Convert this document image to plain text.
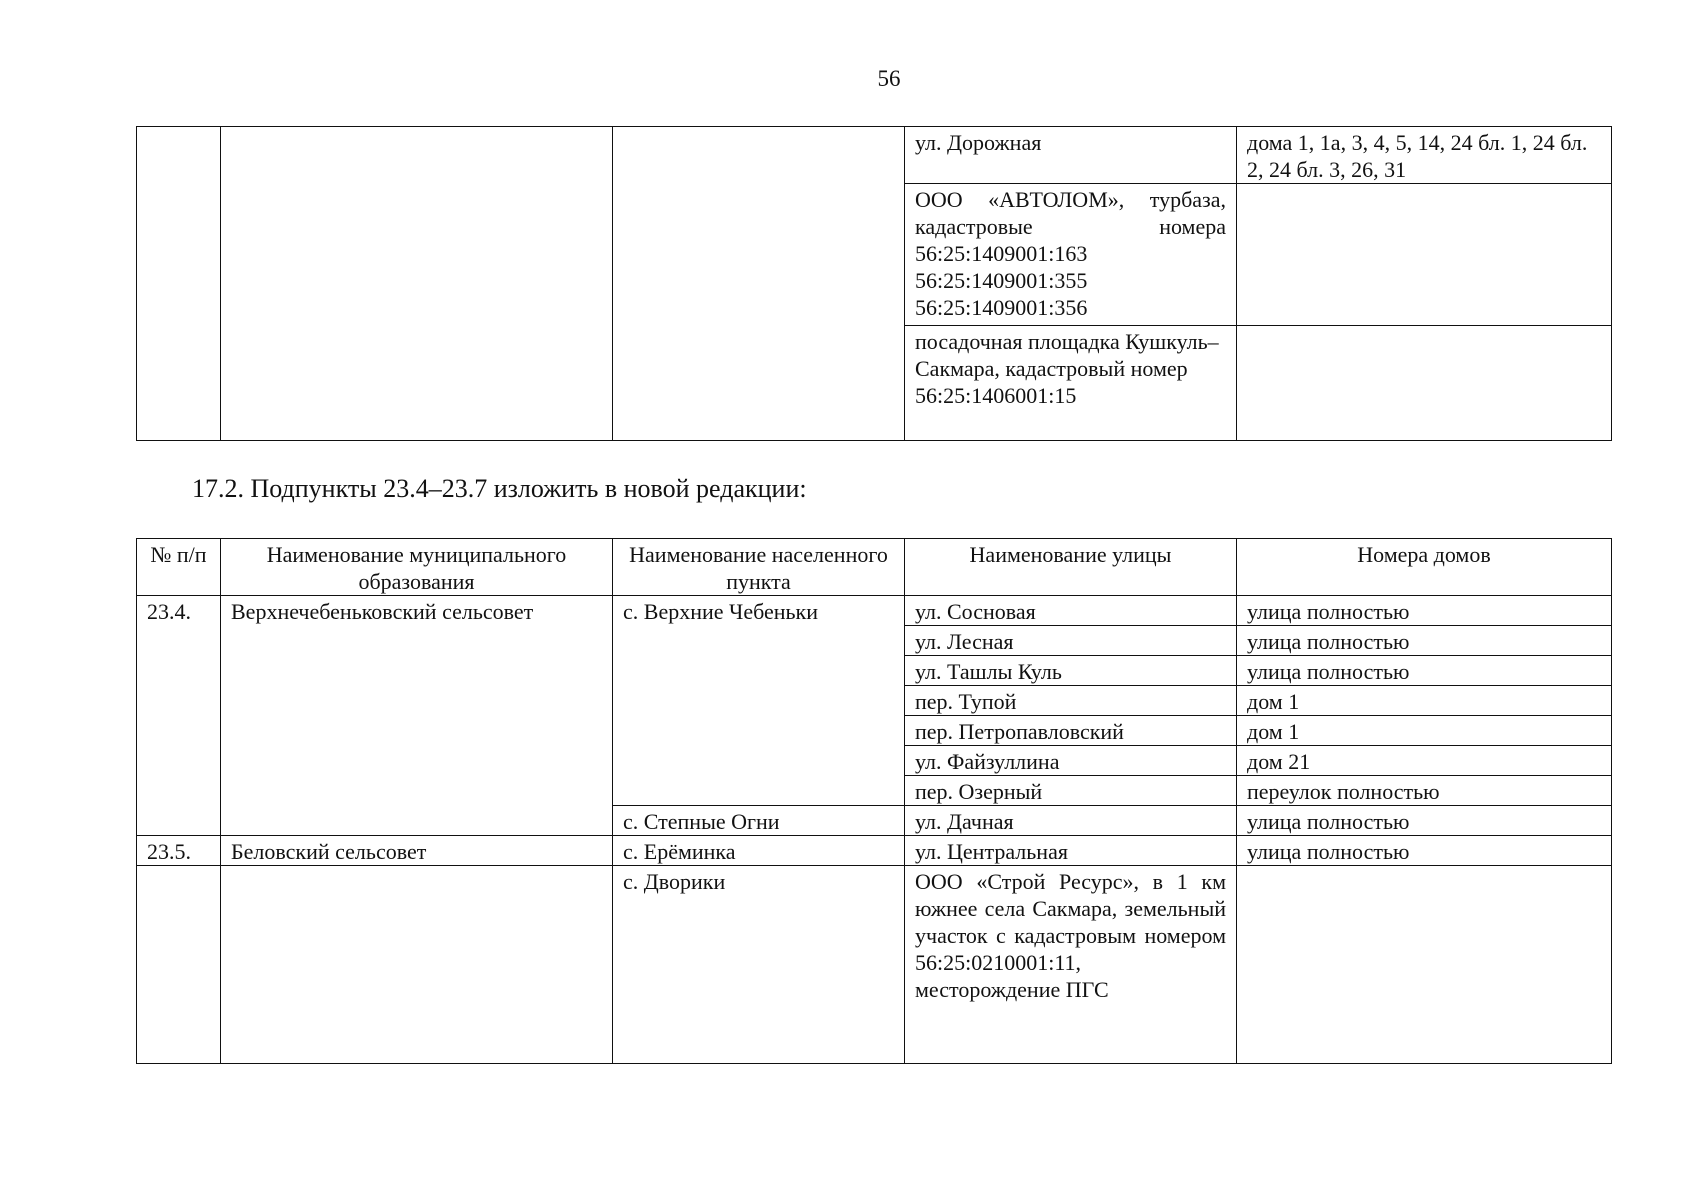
56
			ул. Дорожная	дома 1, 1а, 3, 4, 5, 14, 24 бл. 1, 24 бл. 2, 24 бл. 3, 26, 31
			ООО «АВТОЛОМ», турбаза, кадастровые номера 56:25:1409001:163 56:25:1409001:355 56:25:1409001:356	
			посадочная площадка Кушкуль–Сакмара, кадастровый номер 56:25:1406001:15	
17.2. Подпункты 23.4–23.7 изложить в новой редакции:
№ п/п	Наименование муниципального образования	Наименование населенного пункта	Наименование улицы	Номера домов
23.4.	Верхнечебеньковский сельсовет	с. Верхние Чебеньки	ул. Сосновая	улица полностью
			ул. Лесная	улица полностью
			ул. Ташлы Куль	улица полностью
			пер. Тупой	дом 1
			пер. Петропавловский	дом 1
			ул. Файзуллина	дом 21
			пер. Озерный	переулок полностью
		с. Степные Огни	ул. Дачная	улица полностью
23.5.	Беловский сельсовет	с. Ерёминка	ул. Центральная	улица полностью
		с. Дворики	ООО «Строй Ресурс», в 1 км южнее села Сакмара, земельный участок с кадастровым номером 56:25:0210001:11, месторождение ПГС	
